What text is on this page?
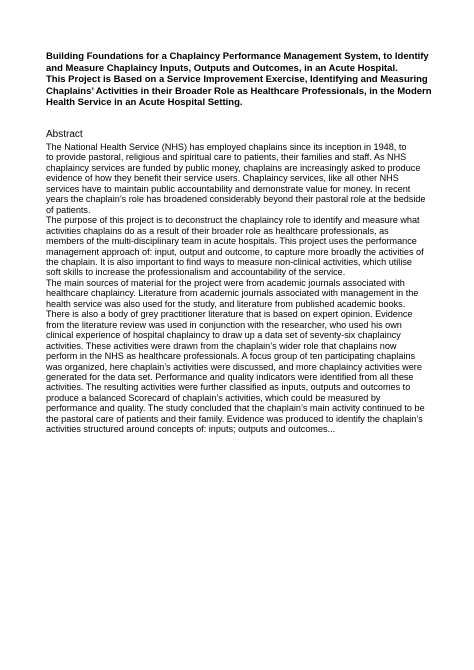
Building Foundations for a Chaplaincy Performance Management System, to Identify
and Measure Chaplaincy Inputs, Outputs and Outcomes, in an Acute Hospital.
This Project is Based on a Service Improvement Exercise, Identifying and Measuring
Chaplains’ Activities in their Broader Role as Healthcare Professionals, in the Modern
Health Service in an Acute Hospital Setting.
Abstract

The National Health Service (NHS) has employed chaplains since its inception in 1948, to
to provide pastoral, religious and spiritual care to patients, their families and staff. As NHS
chaplaincy services are funded by public money, chaplains are increasingly asked to produce
evidence of how they benefit their service users. Chaplaincy services, like all other NHS
services have to maintain public accountability and demonstrate value for money. In recent
years the chaplain’s role has broadened considerably beyond their pastoral role at the bedside
of patients.

The purpose of this project is to deconstruct the chaplaincy role to identify and measure what
activities chaplains do as a result of their broader role as healthcare professionals, as
members of the multi-disciplinary team in acute hospitals. This project uses the performance
management approach of: input, output and outcome, to capture more broadly the activities of
the chaplain. It is also important to find ways to measure non-clinical activities, which utilise
soft skills to increase the professionalism and accountability of the service.

The main sources of material for the project were from academic journals associated with
healthcare chaplaincy. Literature from academic journals associated with management in the
health service was also used for the study, and literature from published academic books.
There is also a body of grey practitioner literature that is based on expert opinion. Evidence
from the literature review was used in conjunction with the researcher, who used his own
clinical experience of hospital chaplaincy to draw up a data set of seventy-six chaplaincy
activities. These activities were drawn from the chaplain’s wider role that chaplains now
perform in the NHS as healthcare professionals. A focus group of ten participating chaplains
was organized, here chaplain’s activities were discussed, and more chaplaincy activities were
generated for the data set. Performance and quality indicators were identified from all these
activities. The resulting activities were further classified as inputs, outputs and outcomes to
produce a balanced Scorecard of chaplain’s activities, which could be measured by
performance and quality. The study concluded that the chaplain’s main activity continued to be
the pastoral care of patients and their family. Evidence was produced to identify the chaplain’s
activities structured around concepts of: inputs; outputs and outcomes...
